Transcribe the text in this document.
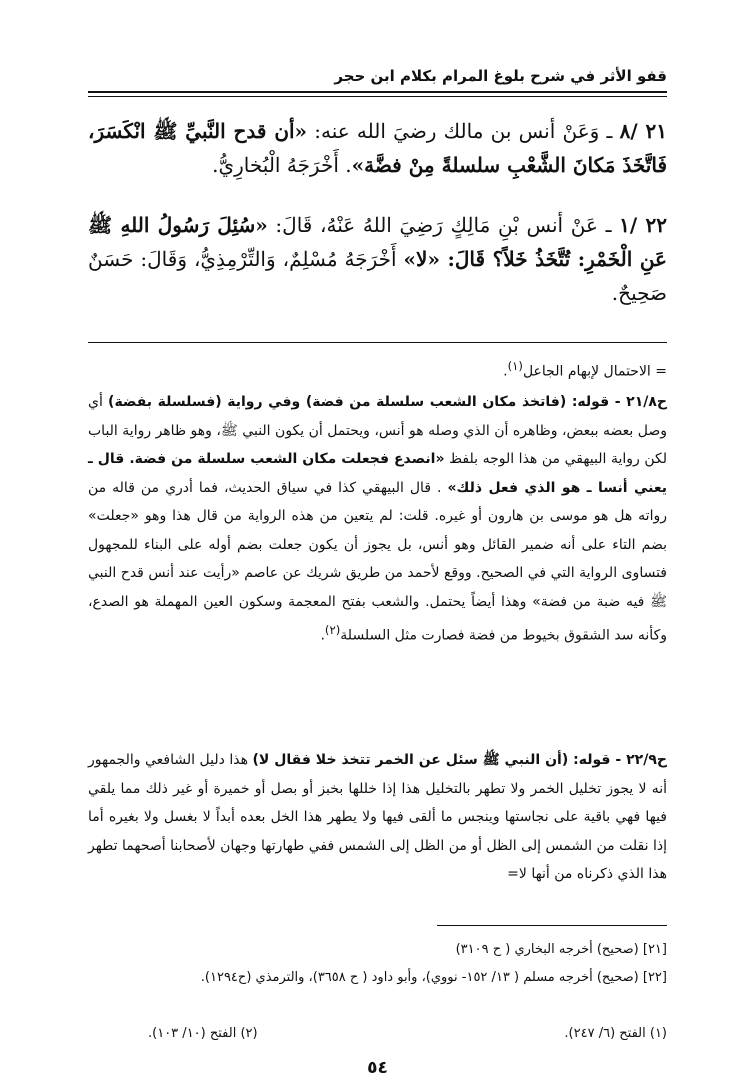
قفو الأثر في شرح بلوغ المرام بكلام ابن حجر
٢١ /٨ ـ وَعَنْ أنس بن مالك رضيَ الله عنه: «أن قدح النَّبيِّ ﷺ انْكَسَرَ، فَاتَّخَذَ مَكانَ الشَّعْبِ سلسلةً مِنْ فضَّة». أَخْرَجَهُ الْبُخارِيُّ.
٢٢ /١ ـ عَنْ أنس بْنِ مَالِكٍ رَضِيَ اللهُ عَنْهُ، قَالَ: «سُئِلَ رَسُولُ اللهِ ﷺ عَنِ الْخَمْرِ: تُتَّخَذُ خَلاً؟ قَالَ: «لا» أَخْرَجَهُ مُسْلِمٌ، وَالتِّرْمِذِيُّ، وَقَالَ: حَسَنٌ صَحِيحٌ.
= الاحتمال لإبهام الجاعل$^{(١)}$.
ح٢١/٨ - قوله: (فاتخذ مكان الشعب سلسلة من فضة) وفي رواية (فسلسلة بفضة) أي وصل بعضه ببعض، وظاهره أن الذي وصله هو أنس، ويحتمل أن يكون النبي ﷺ، وهو ظاهر رواية الباب لكن رواية البيهقي من هذا الوجه بلفظ «انصدع فجعلت مكان الشعب سلسلة من فضة. قال ـ يعني أنسا ـ هو الذي فعل ذلك» . قال البيهقي كذا في سياق الحديث، فما أدري من قاله من رواته هل هو موسى بن هارون أو غيره. قلت: لم يتعين من هذه الرواية من قال هذا وهو «جعلت» بضم التاء على أنه ضمير القائل وهو أنس، بل يجوز أن يكون جعلت بضم أوله على البناء للمجهول فتساوى الرواية التي في الصحيح. ووقع لأحمد من طريق شريك عن عاصم «رأيت عند أنس قدح النبي ﷺ فيه ضبة من فضة» وهذا أيضاً يحتمل. والشعب بفتح المعجمة وسكون العين المهملة هو الصدع، وكأنه سد الشقوق بخيوط من فضة فصارت مثل السلسلة$^{(٢)}$.
ح٢٢/٩ - قوله: (أن النبي ﷺ سئل عن الخمر تتخذ خلا فقال لا) هذا دليل الشافعي والجمهور أنه لا يجوز تخليل الخمر ولا تطهر بالتخليل هذا إذا خللها بخبز أو بصل أو خميرة أو غير ذلك مما يلقي فيها فهي باقية على نجاستها وينجس ما ألقى فيها ولا يطهر هذا الخل بعده أبداً لا بغسل ولا بغيره أما إذا نقلت من الشمس إلى الظل أو من الظل إلى الشمس ففي طهارتها وجهان لأصحابنا أصحهما تطهر هذا الذي ذكرناه من أنها لا=
[٢١] (صحيح) أخرجه البخاري ( ح ٣١٠٩)
[٢٢] (صحيح) أخرجه مسلم ( ١٣/ ١٥٢- نووي)، وأبو داود ( ح ٣٦٥٨)، والترمذي (ح١٢٩٤).
(١) الفتح (٦/ ٢٤٧).
(٢) الفتح (١٠/ ١٠٣).
٥٤
